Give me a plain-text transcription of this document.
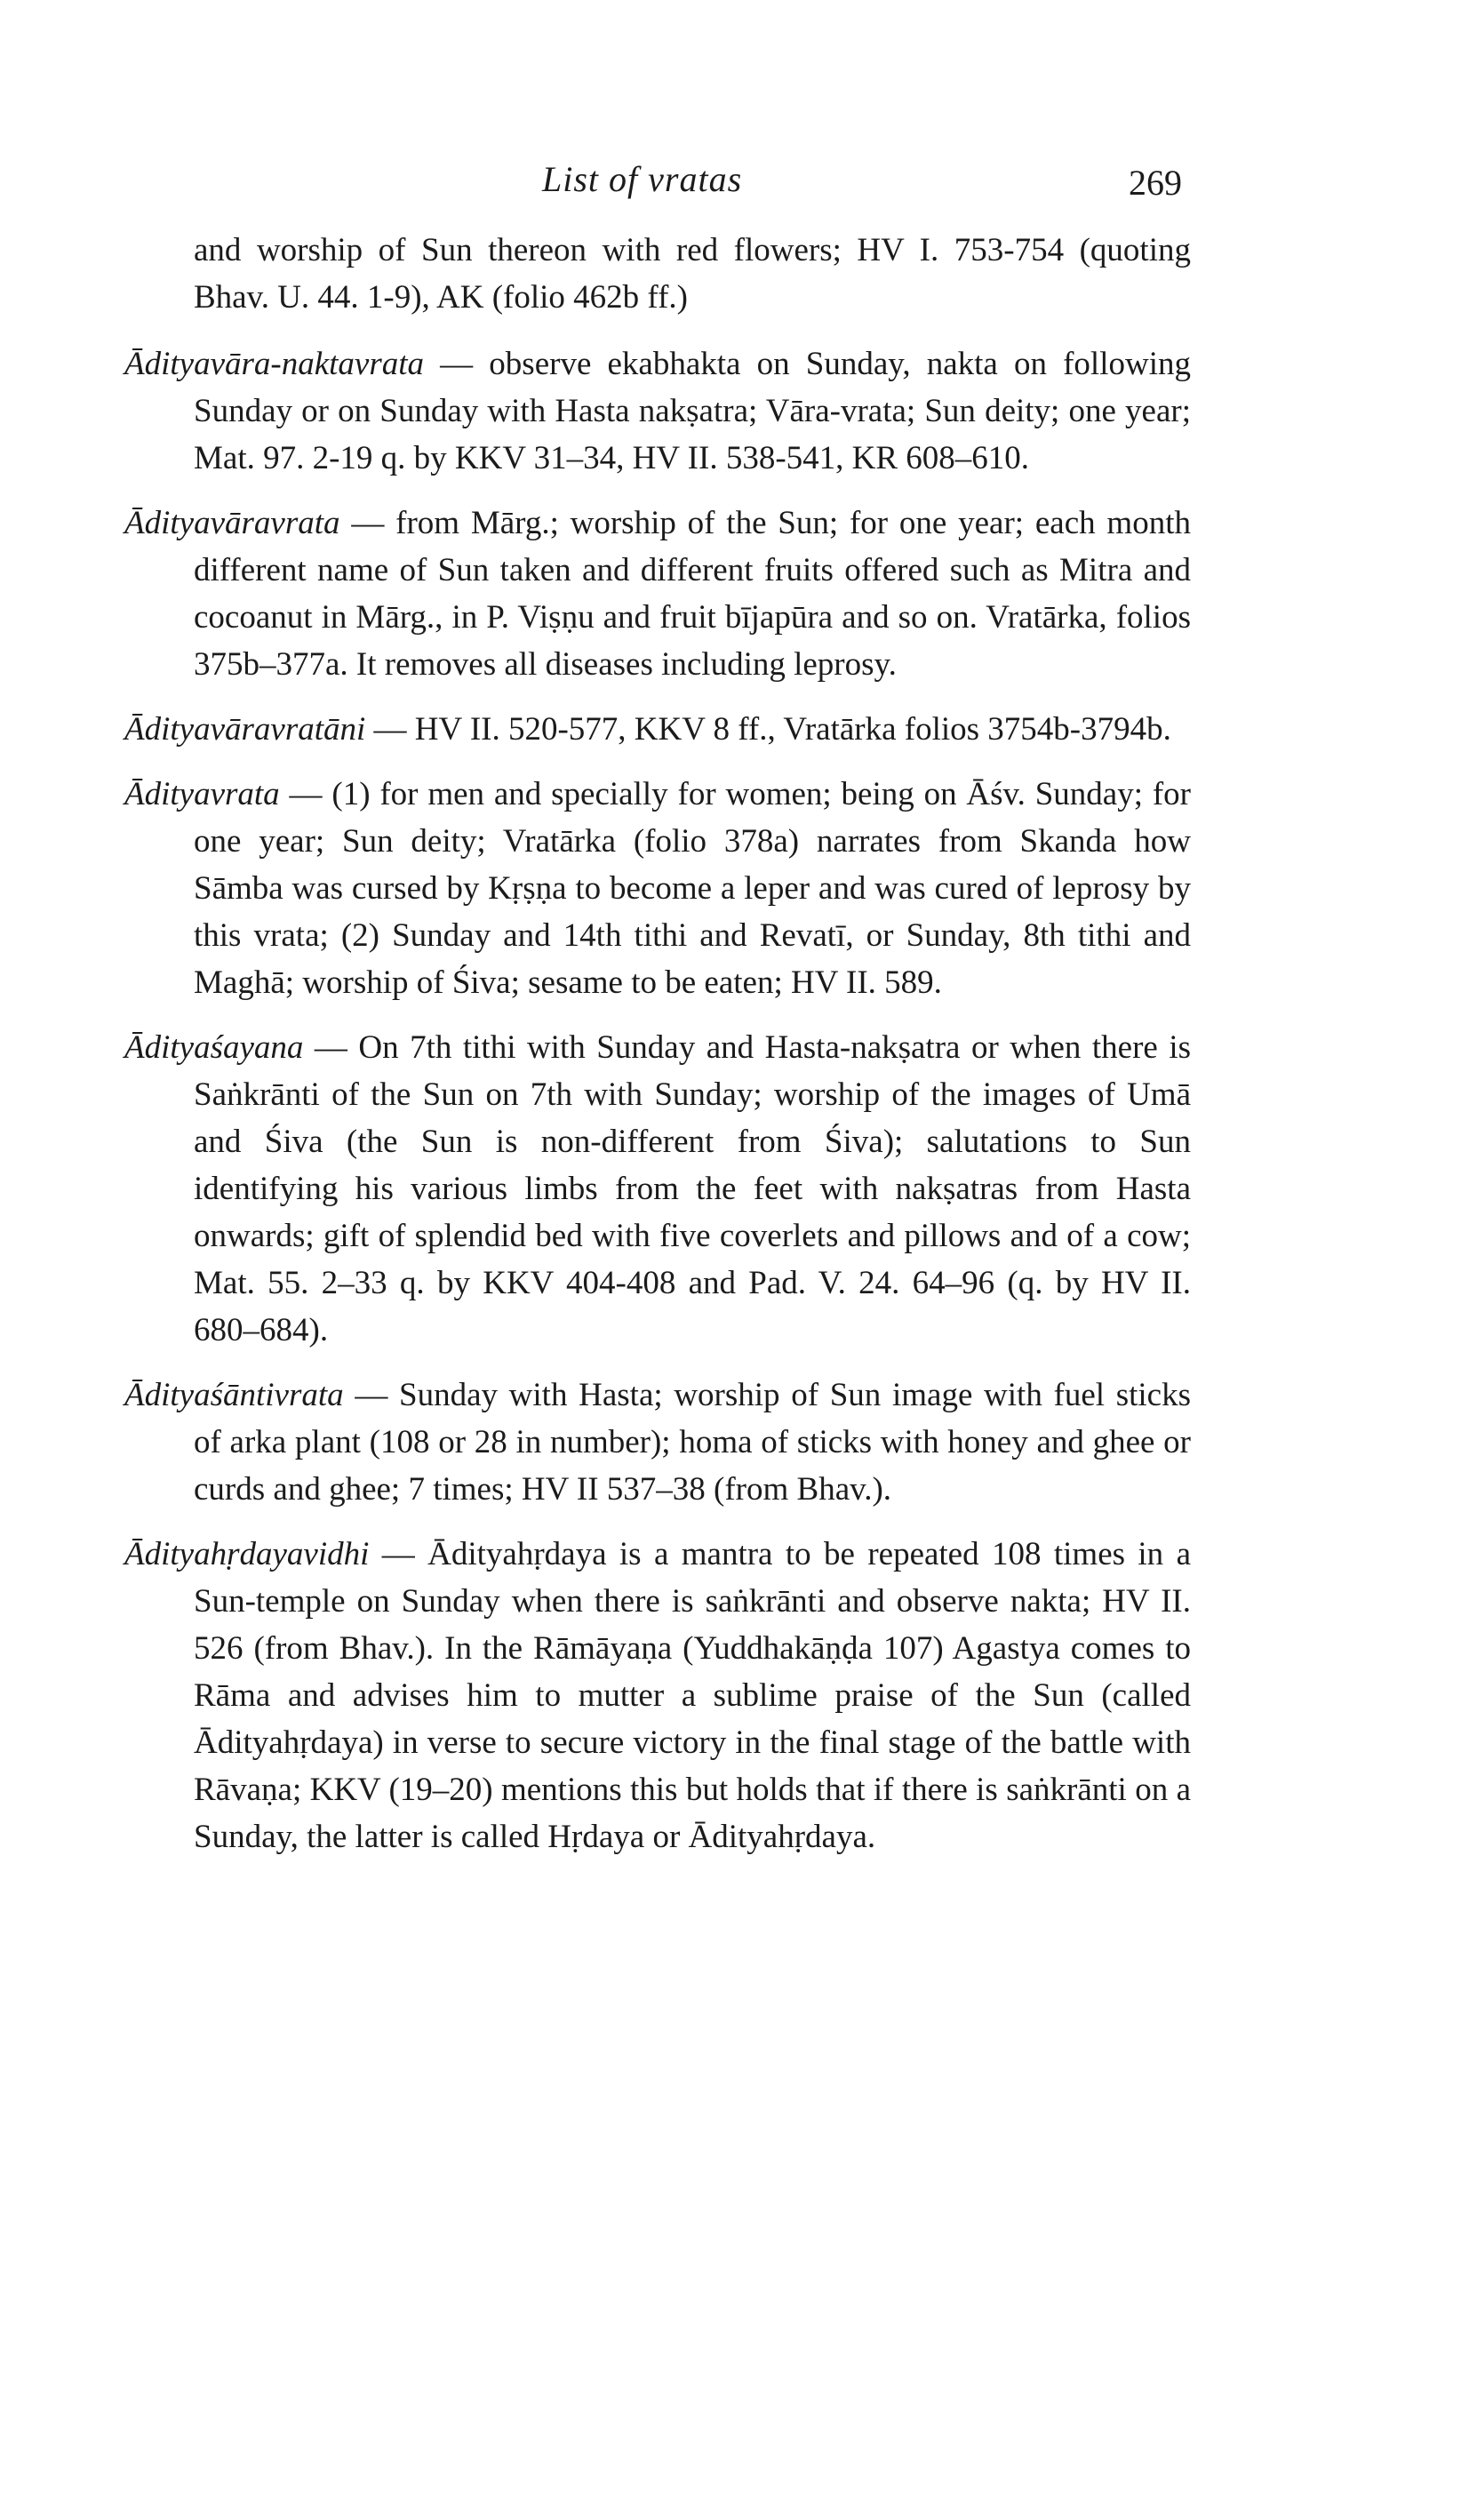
List of vratas	269

and worship of Sun thereon with red flowers; HV I. 753-754 (quoting Bhav. U. 44. 1-9), AK (folio 462b ff.)

Ādityavāra-naktavrata — observe ekabhakta on Sunday, nakta on following Sunday or on Sunday with Hasta nakṣatra; Vāra-vrata; Sun deity; one year; Mat. 97. 2-19 q. by KKV 31–34, HV II. 538-541, KR 608–610.

Ādityavāravrata — from Mārg.; worship of the Sun; for one year; each month different name of Sun taken and different fruits offered such as Mitra and cocoanut in Mārg., in P. Viṣṇu and fruit bījapūra and so on. Vratārka, folios 375b–377a. It removes all diseases including leprosy.

Ādityavāravratāni — HV II. 520-577, KKV 8 ff., Vratārka folios 3754b-3794b.

Ādityavrata — (1) for men and specially for women; being on Āśv. Sunday; for one year; Sun deity; Vratārka (folio 378a) narrates from Skanda how Sāmba was cursed by Kṛṣṇa to become a leper and was cured of leprosy by this vrata; (2) Sunday and 14th tithi and Revatī, or Sunday, 8th tithi and Maghā; worship of Śiva; sesame to be eaten; HV II. 589.

Ādityaśayana — On 7th tithi with Sunday and Hasta-nakṣatra or when there is Saṅkrānti of the Sun on 7th with Sunday; worship of the images of Umā and Śiva (the Sun is non-different from Śiva); salutations to Sun identifying his various limbs from the feet with nakṣatras from Hasta onwards; gift of splendid bed with five coverlets and pillows and of a cow; Mat. 55. 2–33 q. by KKV 404-408 and Pad. V. 24. 64–96 (q. by HV II. 680–684).

Ādityaśāntivrata — Sunday with Hasta; worship of Sun image with fuel sticks of arka plant (108 or 28 in number); homa of sticks with honey and ghee or curds and ghee; 7 times; HV II 537–38 (from Bhav.).

Ādityahṛdayavidhi — Ādityahṛdaya is a mantra to be repeated 108 times in a Sun-temple on Sunday when there is saṅkrānti and observe nakta; HV II. 526 (from Bhav.). In the Rāmāyaṇa (Yuddhakāṇḍa 107) Agastya comes to Rāma and advises him to mutter a sublime praise of the Sun (called Ādityahṛdaya) in verse to secure victory in the final stage of the battle with Rāvaṇa; KKV (19–20) mentions this but holds that if there is saṅkrānti on a Sunday, the latter is called Hṛdaya or Ādityahṛdaya.
